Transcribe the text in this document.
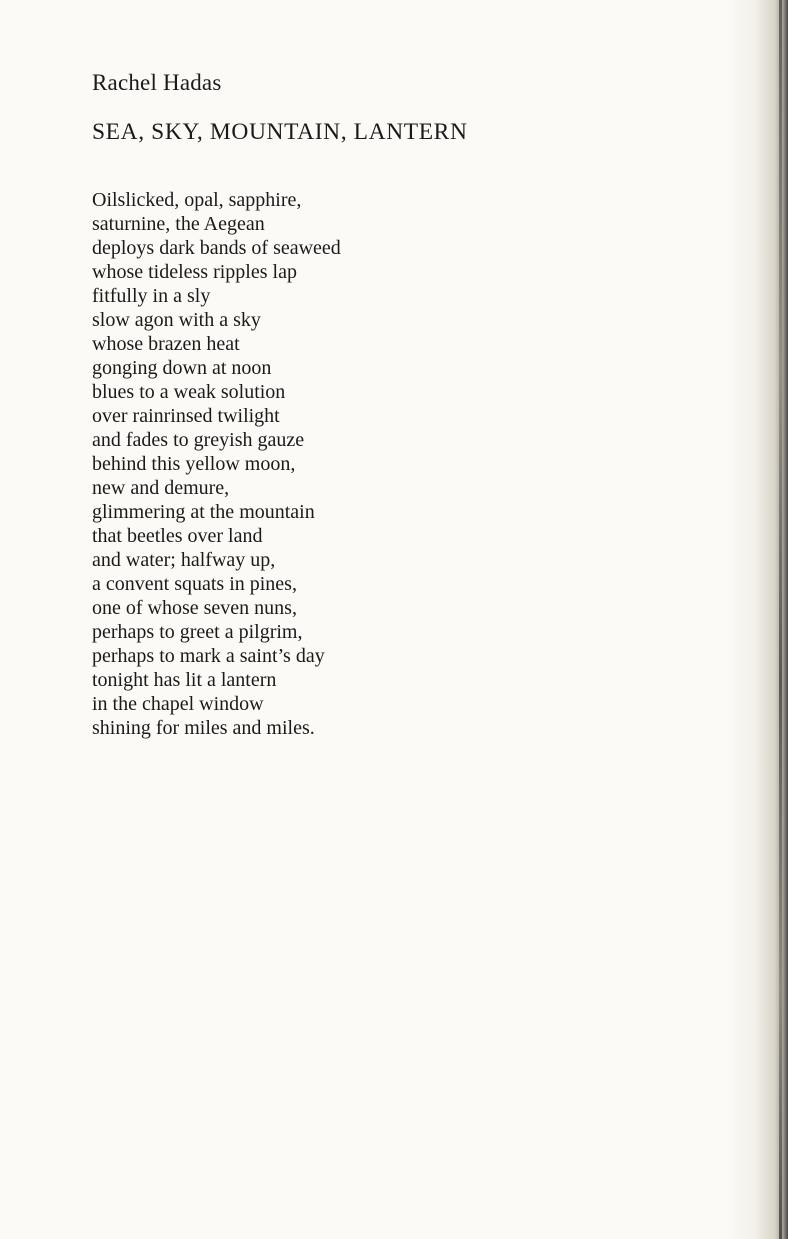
Rachel Hadas
SEA, SKY, MOUNTAIN, LANTERN
Oilslicked, opal, sapphire,
saturnine, the Aegean
deploys dark bands of seaweed
whose tideless ripples lap
fitfully in a sly
slow agon with a sky
whose brazen heat
gonging down at noon
blues to a weak solution
over rainrinsed twilight
and fades to greyish gauze
behind this yellow moon,
new and demure,
glimmering at the mountain
that beetles over land
and water; halfway up,
a convent squats in pines,
one of whose seven nuns,
perhaps to greet a pilgrim,
perhaps to mark a saint’s day
tonight has lit a lantern
in the chapel window
shining for miles and miles.
